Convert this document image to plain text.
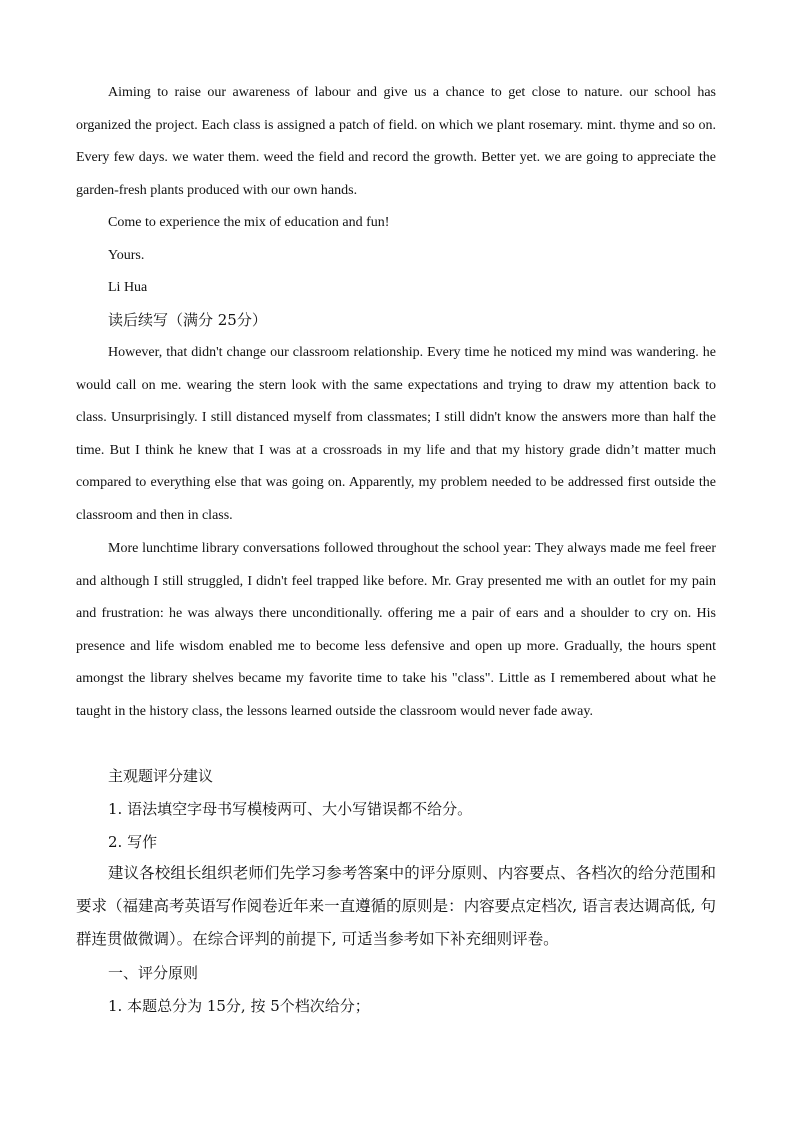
Aiming to raise our awareness of labour and give us a chance to get close to nature. our school has organized the project. Each class is assigned a patch of field. on which we plant rosemary. mint. thyme and so on. Every few days. we water them. weed the field and record the growth. Better yet. we are going to appreciate the garden-fresh plants produced with our own hands.
Come to experience the mix of education and fun!
Yours.
Li Hua
读后续写（满分 25分）
However, that didn't change our classroom relationship. Every time he noticed my mind was wandering. he would call on me. wearing the stern look with the same expectations and trying to draw my attention back to class. Unsurprisingly. I still distanced myself from classmates; I still didn't know the answers more than half the time. But I think he knew that I was at a crossroads in my life and that my history grade didn’t matter much compared to everything else that was going on. Apparently, my problem needed to be addressed first outside the classroom and then in class.
More lunchtime library conversations followed throughout the school year: They always made me feel freer and although I still struggled, I didn't feel trapped like before. Mr. Gray presented me with an outlet for my pain and frustration: he was always there unconditionally. offering me a pair of ears and a shoulder to cry on. His presence and life wisdom enabled me to become less defensive and open up more. Gradually, the hours spent amongst the library shelves became my favorite time to take his "class". Little as I remembered about what he taught in the history class, the lessons learned outside the classroom would never fade away.
主观题评分建议
1. 语法填空字母书写模棱两可、大小写错误都不给分。
2. 写作
建议各校组长组织老师们先学习参考答案中的评分原则、内容要点、各档次的给分范围和要求（福建高考英语写作阅卷近年来一直遵循的原则是：内容要点定档次, 语言表达调高低, 句群连贯做微调）。在综合评判的前提下, 可适当参考如下补充细则评卷。
一、评分原则
1. 本题总分为 15分, 按 5个档次给分；
